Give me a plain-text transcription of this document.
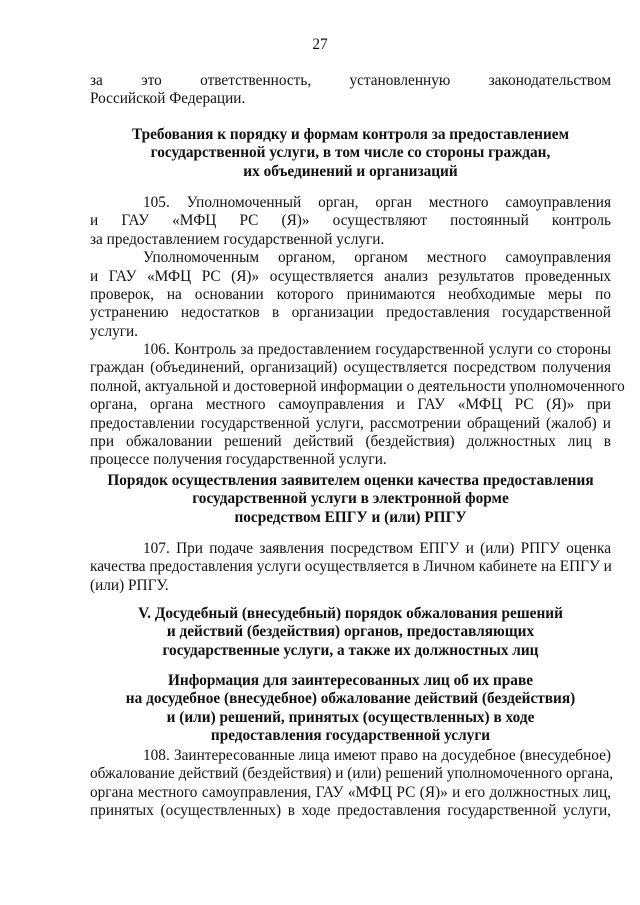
27
за это ответственность, установленную законодательством
Российской Федерации.
Требования к порядку и формам контроля за предоставлением
государственной услуги, в том числе со стороны граждан,
их объединений и организаций
105. Уполномоченный орган, орган местного самоуправления
и ГАУ «МФЦ РС (Я)» осуществляют постоянный контроль
за предоставлением государственной услуги.
Уполномоченным органом, органом местного самоуправления
и ГАУ «МФЦ РС (Я)» осуществляется анализ результатов проведенных
проверок, на основании которого принимаются необходимые меры по
устранению недостатков в организации предоставления государственной
услуги.
106. Контроль за предоставлением государственной услуги со стороны
граждан (объединений, организаций) осуществляется посредством получения
полной, актуальной и достоверной информации о деятельности уполномоченного
органа, органа местного самоуправления и ГАУ «МФЦ РС (Я)» при
предоставлении государственной услуги, рассмотрении обращений (жалоб) и
при обжаловании решений действий (бездействия) должностных лиц в
процессе получения государственной услуги.
Порядок осуществления заявителем оценки качества предоставления
государственной услуги в электронной форме
посредством ЕПГУ и (или) РПГУ
107. При подаче заявления посредством ЕПГУ и (или) РПГУ оценка
качества предоставления услуги осуществляется в Личном кабинете на ЕПГУ и
(или) РПГУ.
V. Досудебный (внесудебный) порядок обжалования решений
и действий (бездействия) органов, предоставляющих
государственные услуги, а также их должностных лиц
Информация для заинтересованных лиц об их праве
на досудебное (внесудебное) обжалование действий (бездействия)
и (или) решений, принятых (осуществленных) в ходе
предоставления государственной услуги
108. Заинтересованные лица имеют право на досудебное (внесудебное)
обжалование действий (бездействия) и (или) решений уполномоченного органа,
органа местного самоуправления, ГАУ «МФЦ РС (Я)» и его должностных лиц,
принятых (осуществленных) в ходе предоставления государственной услуги,
